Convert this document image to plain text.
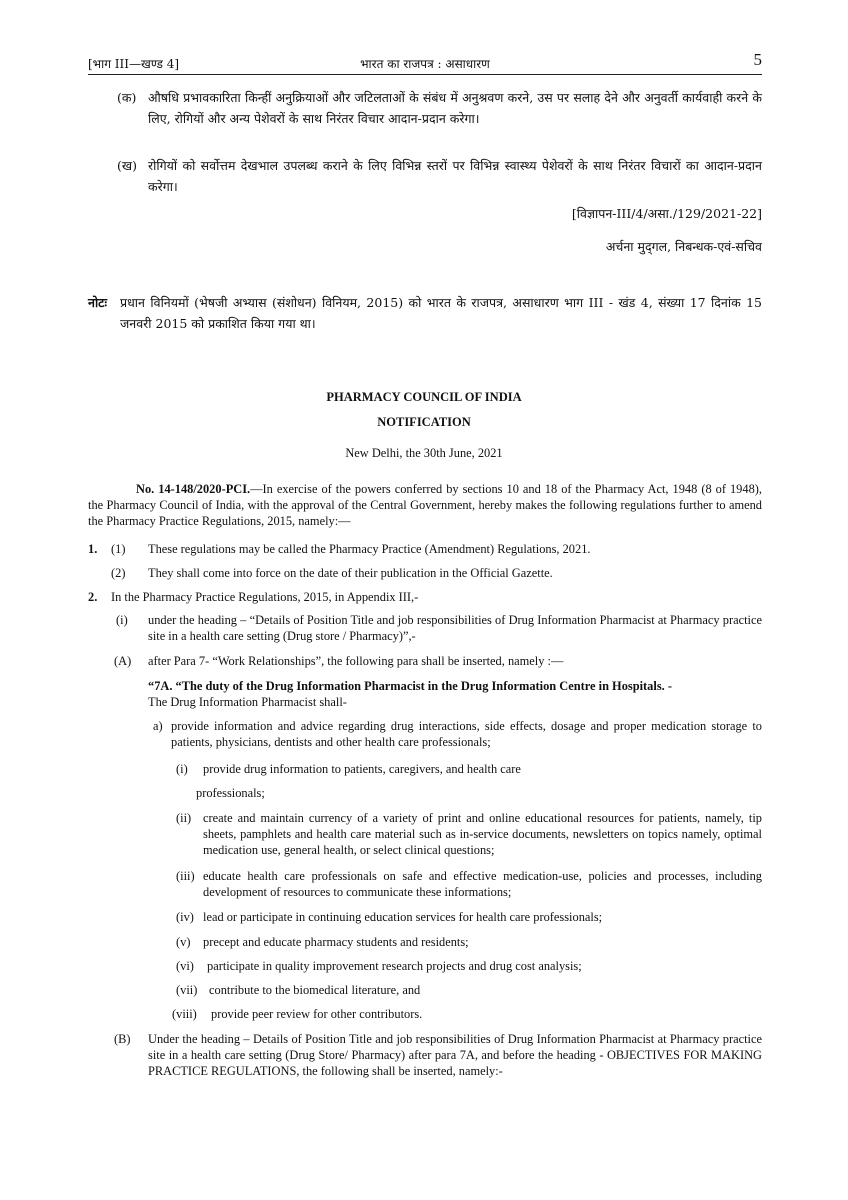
[भाग III—खण्ड 4]	भारत का राजपत्र : असाधारण	5
(क) औषधि प्रभावकारिता किन्हीं अनुक्रियाओं और जटिलताओं के संबंध में अनुश्रवण करने, उस पर सलाह देने और अनुवर्ती कार्यवाही करने के लिए, रोगियों और अन्य पेशेवरों के साथ निरंतर विचार आदान-प्रदान करेगा।
(ख) रोगियों को सर्वोत्तम देखभाल उपलब्ध कराने के लिए विभिन्न स्तरों पर विभिन्न स्वास्थ्य पेशेवरों के साथ निरंतर विचारों का आदान-प्रदान करेगा।
[विज्ञापन-III/4/असा./129/2021-22]
अर्चना मुद्‌गल, निबन्धक-एवं-सचिव
नोटः प्रधान विनियमों (भेषजी अभ्यास (संशोधन) विनियम, 2015) को भारत के राजपत्र, असाधारण भाग III - खंड 4, संख्या 17 दिनांक 15 जनवरी 2015 को प्रकाशित किया गया था।
PHARMACY COUNCIL OF INDIA
NOTIFICATION
New Delhi, the 30th June, 2021
No. 14-148/2020-PCI.—In exercise of the powers conferred by sections 10 and 18 of the Pharmacy Act, 1948 (8 of 1948), the Pharmacy Council of India, with the approval of the Central Government, hereby makes the following regulations further to amend the Pharmacy Practice Regulations, 2015, namely:—
1. (1) These regulations may be called the Pharmacy Practice (Amendment) Regulations, 2021.
(2) They shall come into force on the date of their publication in the Official Gazette.
2. In the Pharmacy Practice Regulations, 2015, in Appendix III,-
(i) under the heading – “Details of Position Title and job responsibilities of Drug Information Pharmacist at Pharmacy practice site in a health care setting (Drug store / Pharmacy)”,-
(A) after Para 7- “Work Relationships”, the following para shall be inserted, namely :—
“7A. “The duty of the Drug Information Pharmacist in the Drug Information Centre in Hospitals. -
The Drug Information Pharmacist shall-
a) provide information and advice regarding drug interactions, side effects, dosage and proper medication storage to patients, physicians, dentists and other health care professionals;
(i) provide drug information to patients, caregivers, and health care
professionals;
(ii) create and maintain currency of a variety of print and online educational resources for patients, namely, tip sheets, pamphlets and health care material such as in-service documents, newsletters on topics namely, optimal medication use, general health, or select clinical questions;
(iii) educate health care professionals on safe and effective medication-use, policies and processes, including development of resources to communicate these informations;
(iv) lead or participate in continuing education services for health care professionals;
(v) precept and educate pharmacy students and residents;
(vi) participate in quality improvement research projects and drug cost analysis;
(vii) contribute to the biomedical literature, and
(viii) provide peer review for other contributors.
(B) Under the heading – Details of Position Title and job responsibilities of Drug Information Pharmacist at Pharmacy practice site in a health care setting (Drug Store/ Pharmacy) after para 7A, and before the heading - OBJECTIVES FOR MAKING PRACTICE REGULATIONS, the following shall be inserted, namely:-
